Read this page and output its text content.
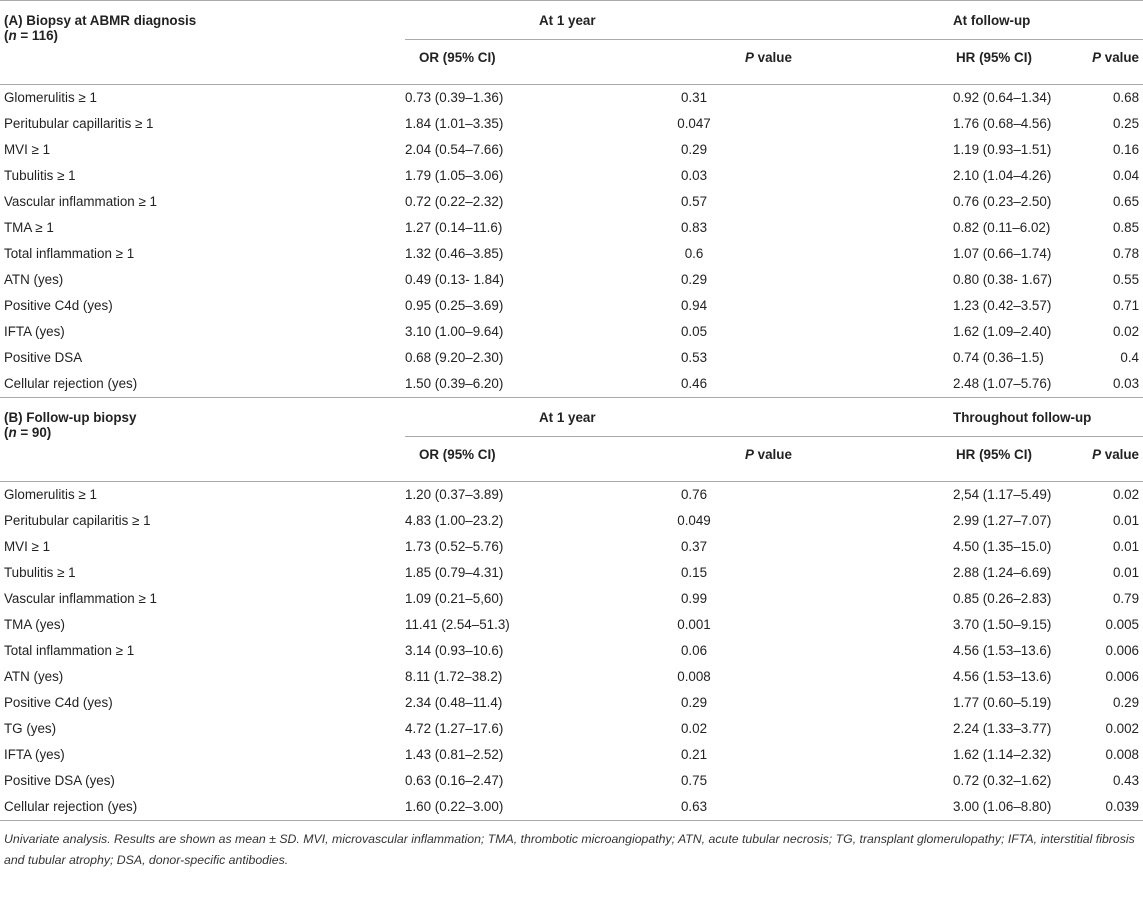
(A) Biopsy at ABMR diagnosis
(n = 116)	At 1 year		At follow-up	
	OR (95% CI)	P value	HR (95% CI)	P value
Glomerulitis ≥ 1	0.73 (0.39–1.36)	0.31	0.92 (0.64–1.34)	0.68
Peritubular capillaritis ≥ 1	1.84 (1.01–3.35)	0.047	1.76 (0.68–4.56)	0.25
MVI ≥ 1	2.04 (0.54–7.66)	0.29	1.19 (0.93–1.51)	0.16
Tubulitis ≥ 1	1.79 (1.05–3.06)	0.03	2.10 (1.04–4.26)	0.04
Vascular inflammation ≥ 1	0.72 (0.22–2.32)	0.57	0.76 (0.23–2.50)	0.65
TMA ≥ 1	1.27 (0.14–11.6)	0.83	0.82 (0.11–6.02)	0.85
Total inflammation ≥ 1	1.32 (0.46–3.85)	0.6	1.07 (0.66–1.74)	0.78
ATN (yes)	0.49 (0.13- 1.84)	0.29	0.80 (0.38- 1.67)	0.55
Positive C4d (yes)	0.95 (0.25–3.69)	0.94	1.23 (0.42–3.57)	0.71
IFTA (yes)	3.10 (1.00–9.64)	0.05	1.62 (1.09–2.40)	0.02
Positive DSA	0.68 (9.20–2.30)	0.53	0.74 (0.36–1.5)	0.4
Cellular rejection (yes)	1.50 (0.39–6.20)	0.46	2.48 (1.07–5.76)	0.03

(B) Follow-up biopsy
(n = 90)	At 1 year		Throughout follow-up	
	OR (95% CI)	P value	HR (95% CI)	P value
Glomerulitis ≥ 1	1.20 (0.37–3.89)	0.76	2,54 (1.17–5.49)	0.02
Peritubular capilaritis ≥ 1	4.83 (1.00–23.2)	0.049	2.99 (1.27–7.07)	0.01
MVI ≥ 1	1.73 (0.52–5.76)	0.37	4.50 (1.35–15.0)	0.01
Tubulitis ≥ 1	1.85 (0.79–4.31)	0.15	2.88 (1.24–6.69)	0.01
Vascular inflammation ≥ 1	1.09 (0.21–5,60)	0.99	0.85 (0.26–2.83)	0.79
TMA (yes)	11.41 (2.54–51.3)	0.001	3.70 (1.50–9.15)	0.005
Total inflammation ≥ 1	3.14 (0.93–10.6)	0.06	4.56 (1.53–13.6)	0.006
ATN (yes)	8.11 (1.72–38.2)	0.008	4.56 (1.53–13.6)	0.006
Positive C4d (yes)	2.34 (0.48–11.4)	0.29	1.77 (0.60–5.19)	0.29
TG (yes)	4.72 (1.27–17.6)	0.02	2.24 (1.33–3.77)	0.002
IFTA (yes)	1.43 (0.81–2.52)	0.21	1.62 (1.14–2.32)	0.008
Positive DSA (yes)	0.63 (0.16–2.47)	0.75	0.72 (0.32–1.62)	0.43
Cellular rejection (yes)	1.60 (0.22–3.00)	0.63	3.00 (1.06–8.80)	0.039
Univariate analysis. Results are shown as mean ± SD. MVI, microvascular inflammation; TMA, thrombotic microangiopathy; ATN, acute tubular necrosis; TG, transplant glomerulopathy; IFTA, interstitial fibrosis and tubular atrophy; DSA, donor-specific antibodies.
